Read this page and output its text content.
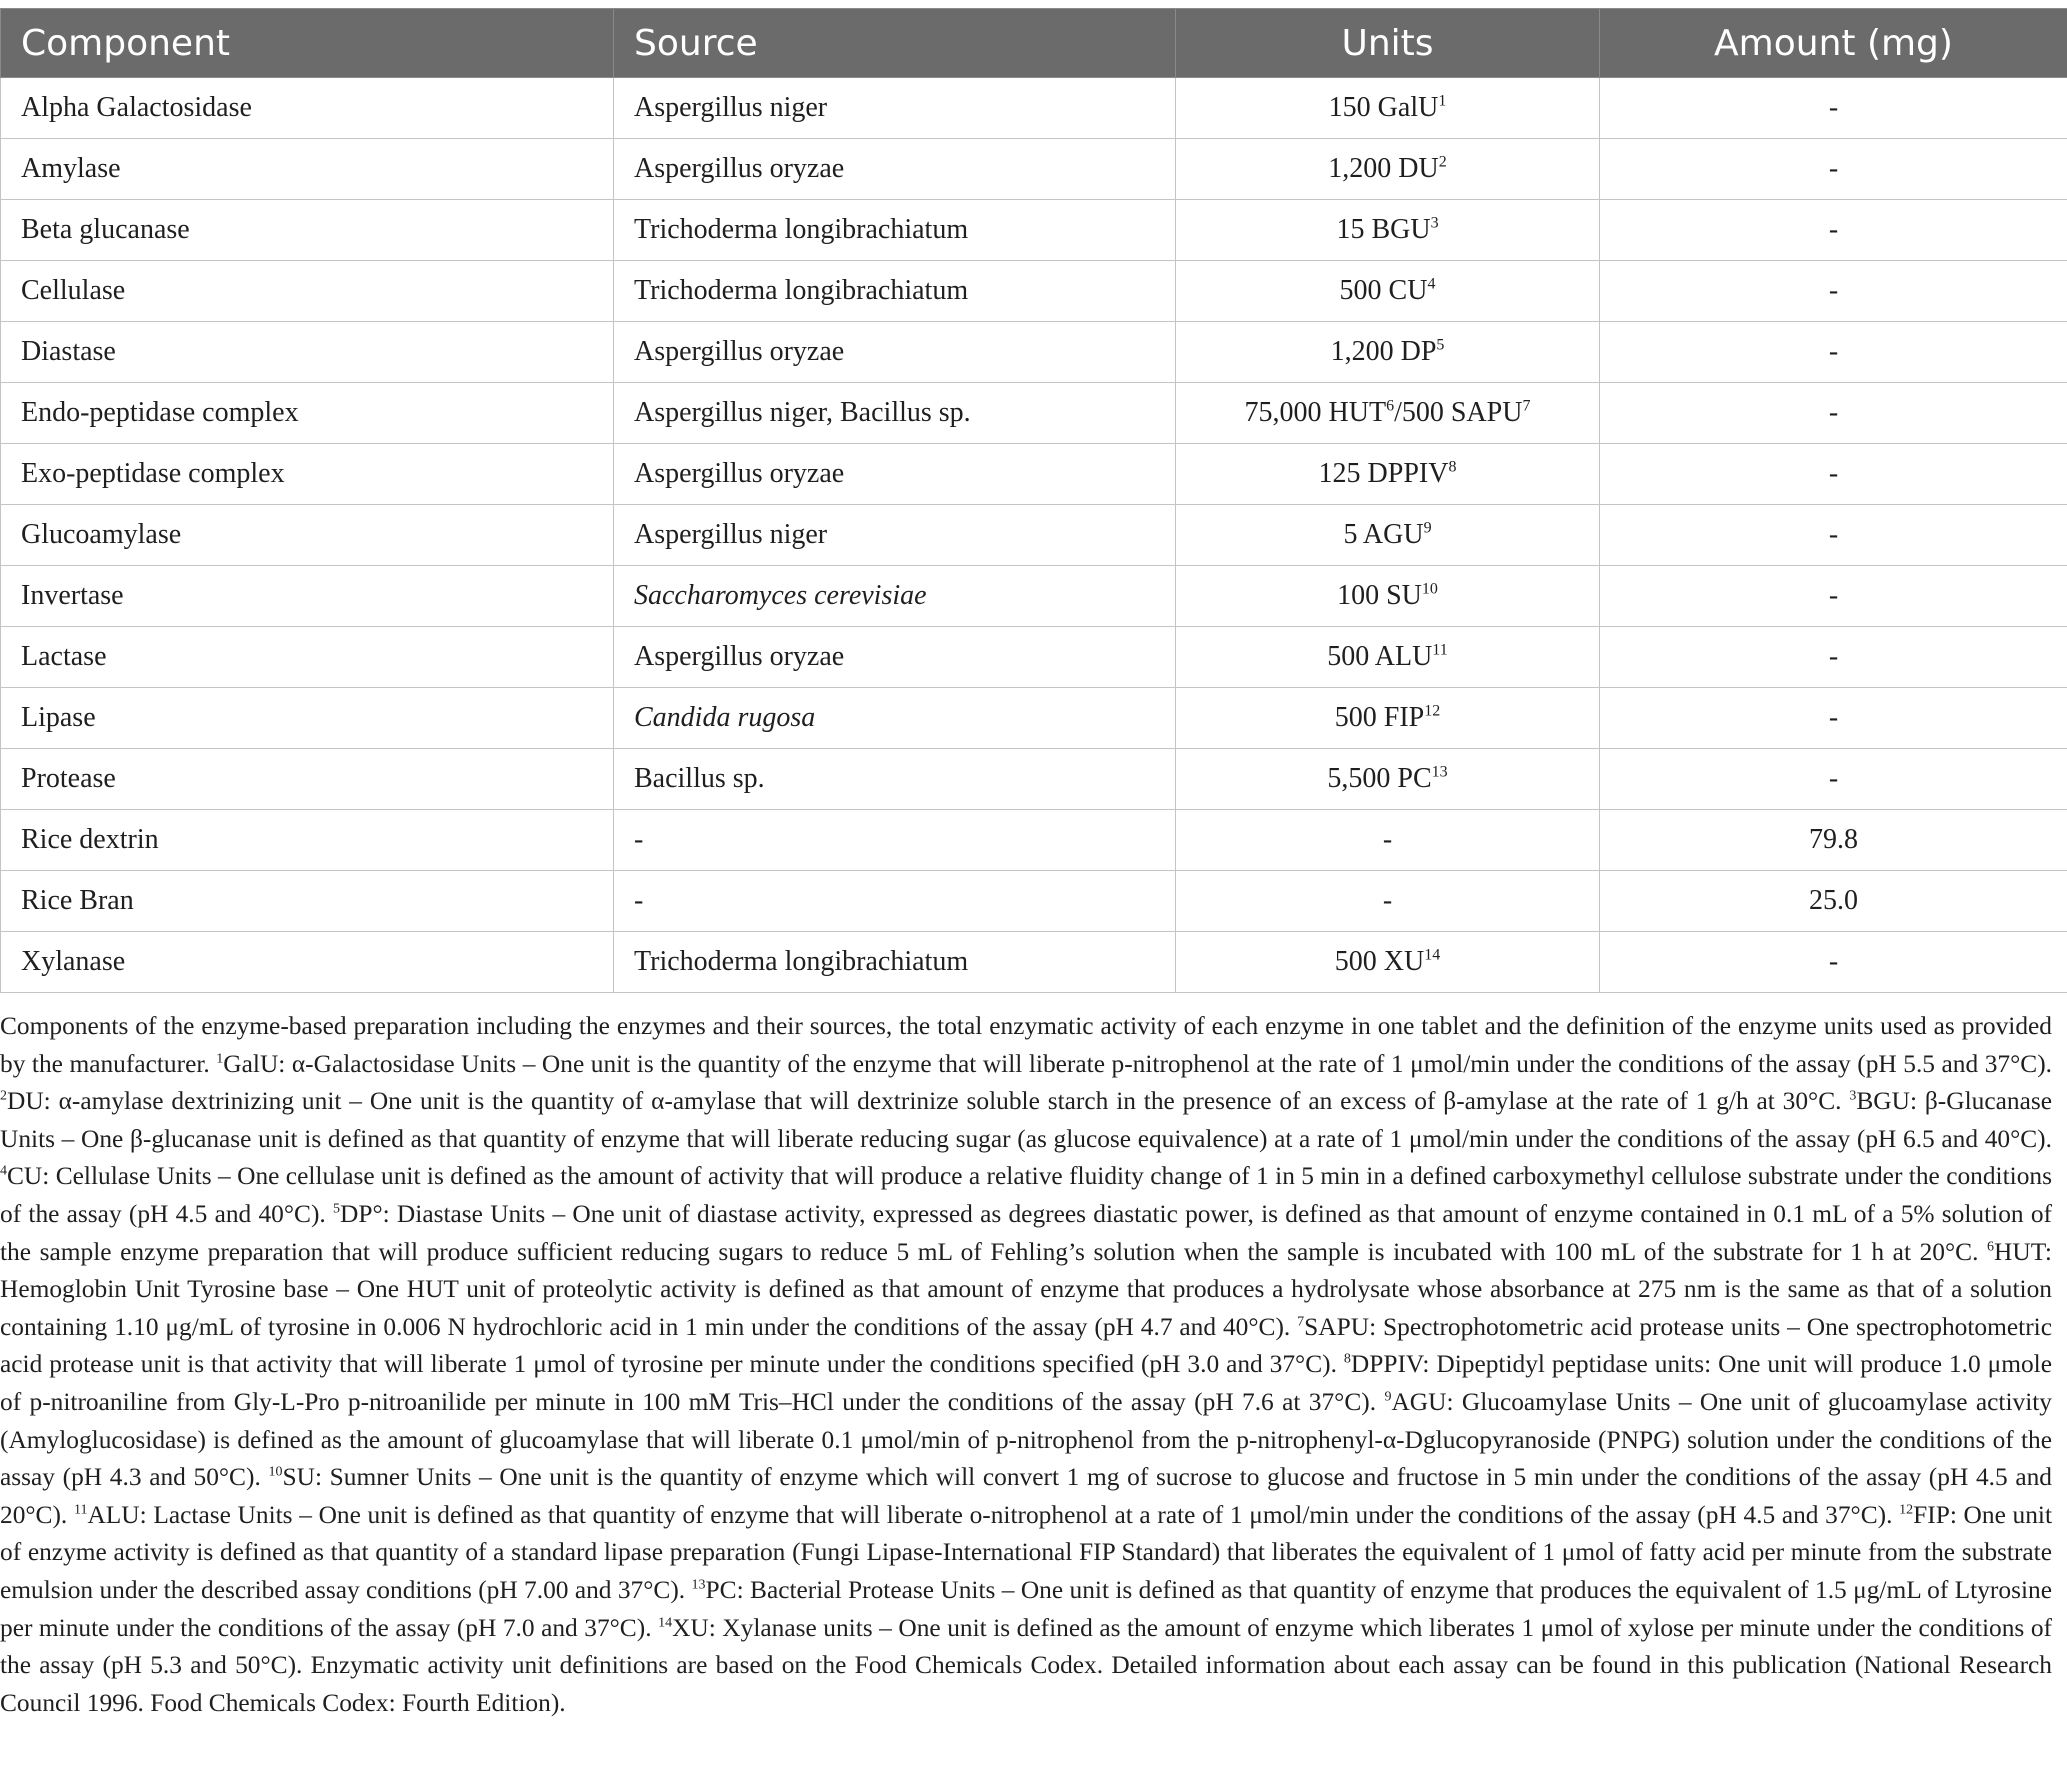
Component	Source	Units	Amount (mg)
Alpha Galactosidase	Aspergillus niger	150 GalU$^1$	-
Amylase	Aspergillus oryzae	1,200 $DU^2$	-
Beta glucanase	Trichoderma longibrachiatum	15 BGU$^3$	-
Cellulase	Trichoderma longibrachiatum	500 $CU^4$	-
Diastase	Aspergillus oryzae	1,200 $DP^5$	-
Endo-peptidase complex	Aspergillus niger, Bacillus sp.	75,000 HUT$^6$/500 SAPU$^7$	-
Exo-peptidase complex	Aspergillus oryzae	125 DPPIV$^8$	-
Glucoamylase	Aspergillus niger	5 AGU$^9$	-
Invertase	Saccharomyces cerevisiae	100 SU$^{10}$	-
Lactase	Aspergillus oryzae	500 ALU$^{11}$	-
Lipase	Candida rugosa	500 FIP$^{12}$	-
Protease	Bacillus sp.	5,500 PC$^{13}$	-
Rice dextrin	-	-	79.8
Rice Bran	-	-	25.0
Xylanase	Trichoderma longibrachiatum	500 XU$^{14}$	-
Components of the enzyme-based preparation including the enzymes and their sources, the total enzymatic activity of each enzyme in one tablet and the definition of the enzyme units used as provided by the manufacturer. $^1$GalU: α-Galactosidase Units – One unit is the quantity of the enzyme that will liberate p-nitrophenol at the rate of 1 μmol/min under the conditions of the assay (pH 5.5 and 37°C). $^2$DU: α-amylase dextrinizing unit – One unit is the quantity of α-amylase that will dextrinize soluble starch in the presence of an excess of β-amylase at the rate of 1 g/h at 30°C. $^3$BGU: β-Glucanase Units – One β-glucanase unit is defined as that quantity of enzyme that will liberate reducing sugar (as glucose equivalence) at a rate of 1 μmol/min under the conditions of the assay (pH 6.5 and 40°C). $^4$CU: Cellulase Units – One cellulase unit is defined as the amount of activity that will produce a relative fluidity change of 1 in 5 min in a defined carboxymethyl cellulose substrate under the conditions of the assay (pH 4.5 and 40°C). $^5$DP°: Diastase Units – One unit of diastase activity, expressed as degrees diastatic power, is defined as that amount of enzyme contained in 0.1 mL of a 5% solution of the sample enzyme preparation that will produce sufficient reducing sugars to reduce 5 mL of Fehling’s solution when the sample is incubated with 100 mL of the substrate for 1 h at 20°C. $^6$HUT: Hemoglobin Unit Tyrosine base – One HUT unit of proteolytic activity is defined as that amount of enzyme that produces a hydrolysate whose absorbance at 275 nm is the same as that of a solution containing 1.10 μg/mL of tyrosine in 0.006 N hydrochloric acid in 1 min under the conditions of the assay (pH 4.7 and 40°C). $^7$SAPU: Spectrophotometric acid protease units – One spectrophotometric acid protease unit is that activity that will liberate 1 μmol of tyrosine per minute under the conditions specified (pH 3.0 and 37°C). $^8$DPPIV: Dipeptidyl peptidase units: One unit will produce 1.0 μmole of p-nitroaniline from Gly-L-Pro p-nitroanilide per minute in 100 mM Tris–HCl under the conditions of the assay (pH 7.6 at 37°C). $^9$AGU: Glucoamylase Units – One unit of glucoamylase activity (Amyloglucosidase) is defined as the amount of glucoamylase that will liberate 0.1 μmol/min of p-nitrophenol from the p-nitrophenyl-α-Dglucopyranoside (PNPG) solution under the conditions of the assay (pH 4.3 and 50°C). $^{10}$SU: Sumner Units – One unit is the quantity of enzyme which will convert 1 mg of sucrose to glucose and fructose in 5 min under the conditions of the assay (pH 4.5 and 20°C). $^{11}$ALU: Lactase Units – One unit is defined as that quantity of enzyme that will liberate o-nitrophenol at a rate of 1 μmol/min under the conditions of the assay (pH 4.5 and 37°C). $^{12}$FIP: One unit of enzyme activity is defined as that quantity of a standard lipase preparation (Fungi Lipase-International FIP Standard) that liberates the equivalent of 1 μmol of fatty acid per minute from the substrate emulsion under the described assay conditions (pH 7.00 and 37°C). $^{13}$PC: Bacterial Protease Units – One unit is defined as that quantity of enzyme that produces the equivalent of 1.5 μg/mL of Ltyrosine per minute under the conditions of the assay (pH 7.0 and 37°C). $^{14}$XU: Xylanase units – One unit is defined as the amount of enzyme which liberates 1 μmol of xylose per minute under the conditions of the assay (pH 5.3 and 50°C). Enzymatic activity unit definitions are based on the Food Chemicals Codex. Detailed information about each assay can be found in this publication (National Research Council 1996. Food Chemicals Codex: Fourth Edition).
